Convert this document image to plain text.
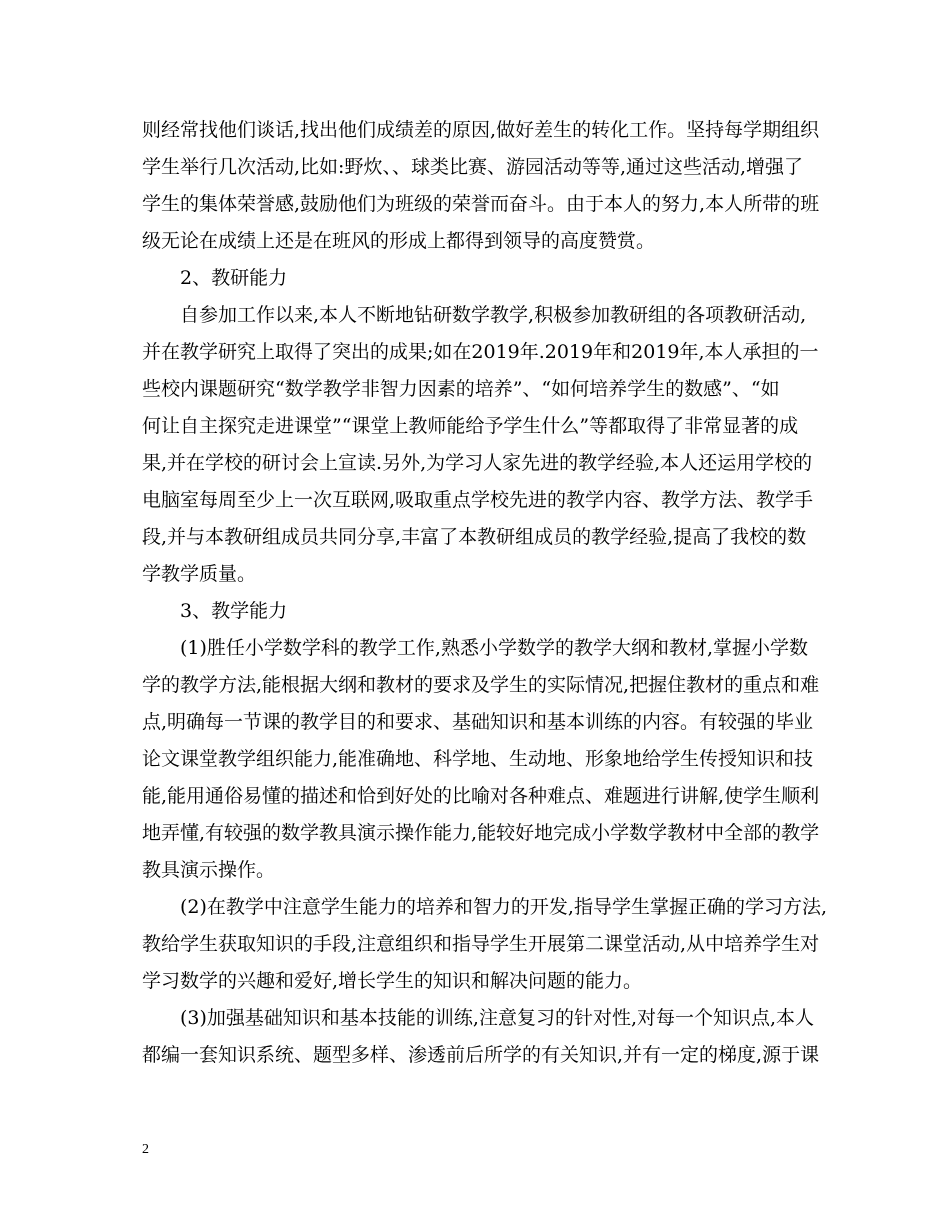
则经常找他们谈话,找出他们成绩差的原因,做好差生的转化工作。坚持每学期组织
学生举行几次活动,比如:野炊、、球类比赛、游园活动等等,通过这些活动,增强了
学生的集体荣誉感,鼓励他们为班级的荣誉而奋斗。由于本人的努力,本人所带的班
级无论在成绩上还是在班风的形成上都得到领导的高度赞赏。
2、教研能力
自参加工作以来,本人不断地钻研数学教学,积极参加教研组的各项教研活动,
并在教学研究上取得了突出的成果;如在2019年.2019年和2019年,本人承担的一
些校内课题研究“数学教学非智力因素的培养”、“如何培养学生的数感”、“如
何让自主探究走进课堂”“课堂上教师能给予学生什么”等都取得了非常显著的成
果,并在学校的研讨会上宣读.另外,为学习人家先进的教学经验,本人还运用学校的
电脑室每周至少上一次互联网,吸取重点学校先进的教学内容、教学方法、教学手
段,并与本教研组成员共同分享,丰富了本教研组成员的教学经验,提高了我校的数
学教学质量。
3、教学能力
(1)胜任小学数学科的教学工作,熟悉小学数学的教学大纲和教材,掌握小学数
学的教学方法,能根据大纲和教材的要求及学生的实际情况,把握住教材的重点和难
点,明确每一节课的教学目的和要求、基础知识和基本训练的内容。有较强的毕业
论文课堂教学组织能力,能准确地、科学地、生动地、形象地给学生传授知识和技
能,能用通俗易懂的描述和恰到好处的比喻对各种难点、难题进行讲解,使学生顺利
地弄懂,有较强的数学教具演示操作能力,能较好地完成小学数学教材中全部的教学
教具演示操作。
(2)在教学中注意学生能力的培养和智力的开发,指导学生掌握正确的学习方法,
教给学生获取知识的手段,注意组织和指导学生开展第二课堂活动,从中培养学生对
学习数学的兴趣和爱好,增长学生的知识和解决问题的能力。
(3)加强基础知识和基本技能的训练,注意复习的针对性,对每一个知识点,本人
都编一套知识系统、题型多样、渗透前后所学的有关知识,并有一定的梯度,源于课
2
